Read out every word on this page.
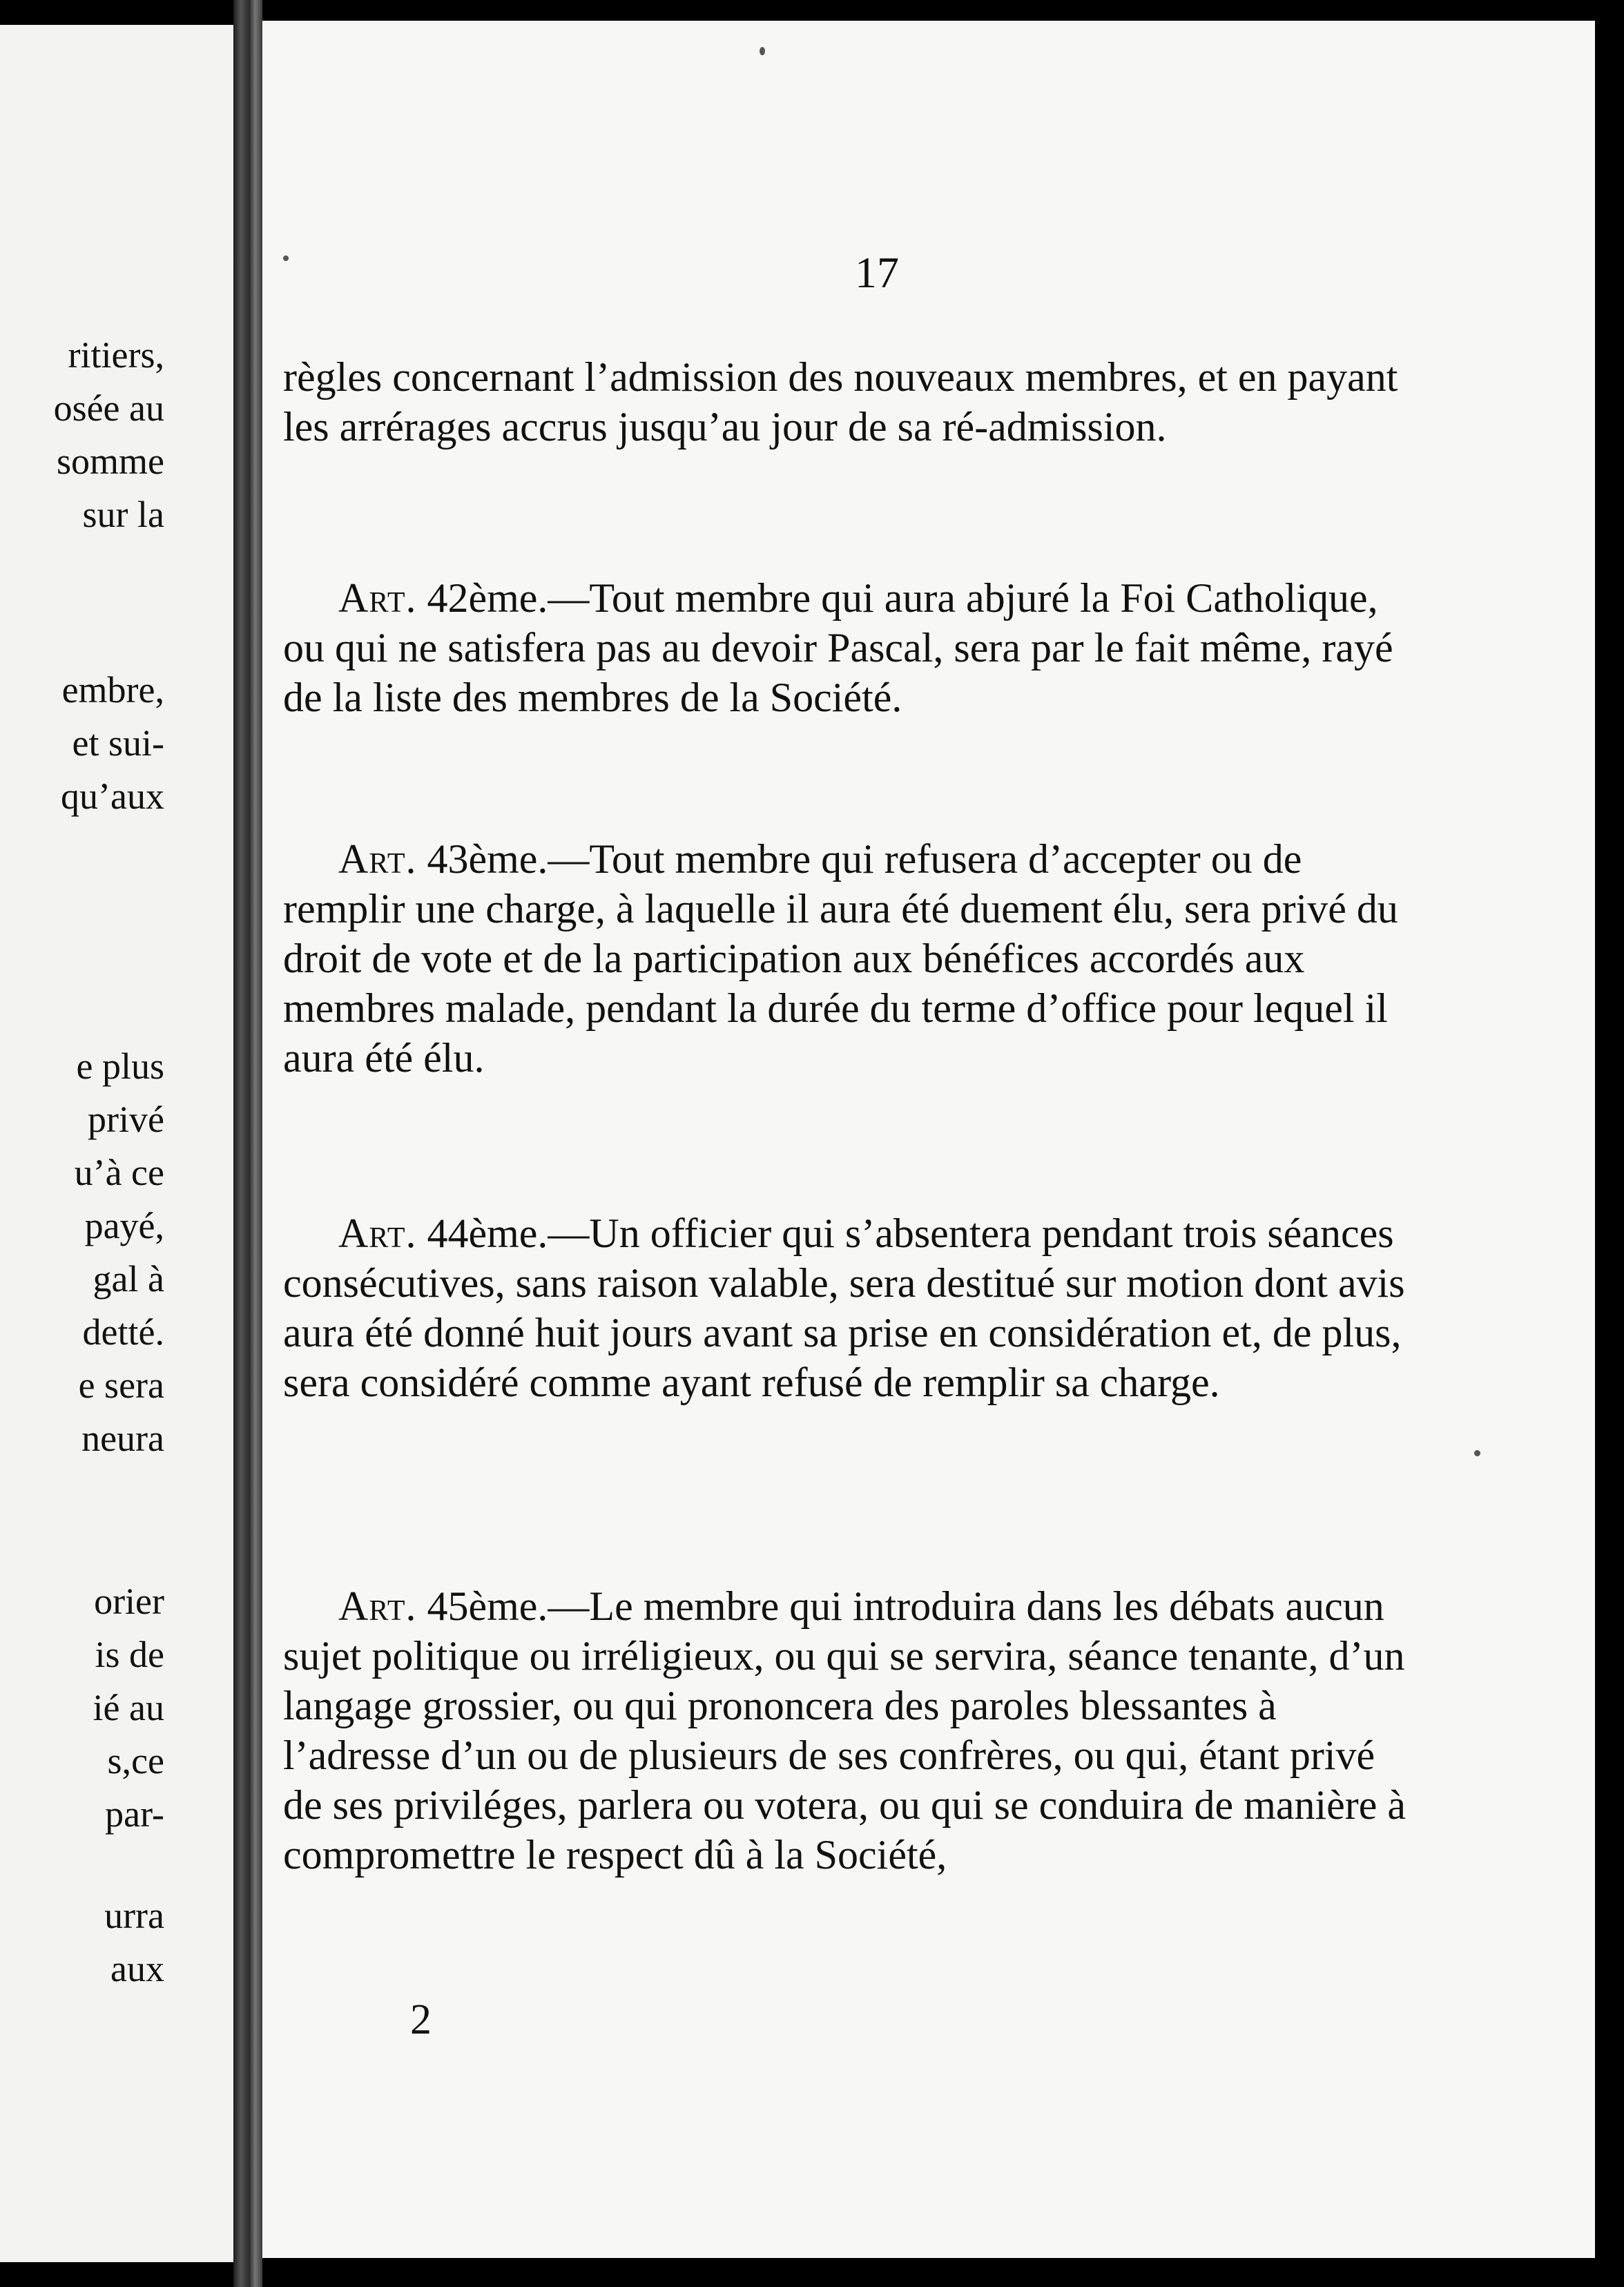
ritiers,
osée au
somme
sur la
embre,
et sui-
qu’aux
e plus
privé
u’à ce
payé,
gal à
detté.
e sera
neura
orier
is de
ié au
s,ce
par-
urra
aux
17

règles concernant l’admission des nouveaux membres, et en payant les arrérages accrus jusqu’au jour de sa ré-admission.

Art. 42ème.—Tout membre qui aura abjuré la Foi Catholique, ou qui ne satisfera pas au devoir Pascal, sera par le fait même, rayé de la liste des membres de la Société.

Art. 43ème.—Tout membre qui refusera d’accepter ou de remplir une charge, à laquelle il aura été duement élu, sera privé du droit de vote et de la participation aux bénéfices accordés aux membres malade, pendant la durée du terme d’office pour lequel il aura été élu.

Art. 44ème.—Un officier qui s’absentera pendant trois séances consécutives, sans raison valable, sera destitué sur motion dont avis aura été donné huit jours avant sa prise en considération et, de plus, sera considéré comme ayant refusé de remplir sa charge.

Art. 45ème.—Le membre qui introduira dans les débats aucun sujet politique ou irréligieux, ou qui se servira, séance tenante, d’un langage grossier, ou qui prononcera des paroles blessantes à l’adresse d’un ou de plusieurs de ses confrères, ou qui, étant privé de ses priviléges, parlera ou votera, ou qui se conduira de manière à compromettre le respect dû à la Société,

2
